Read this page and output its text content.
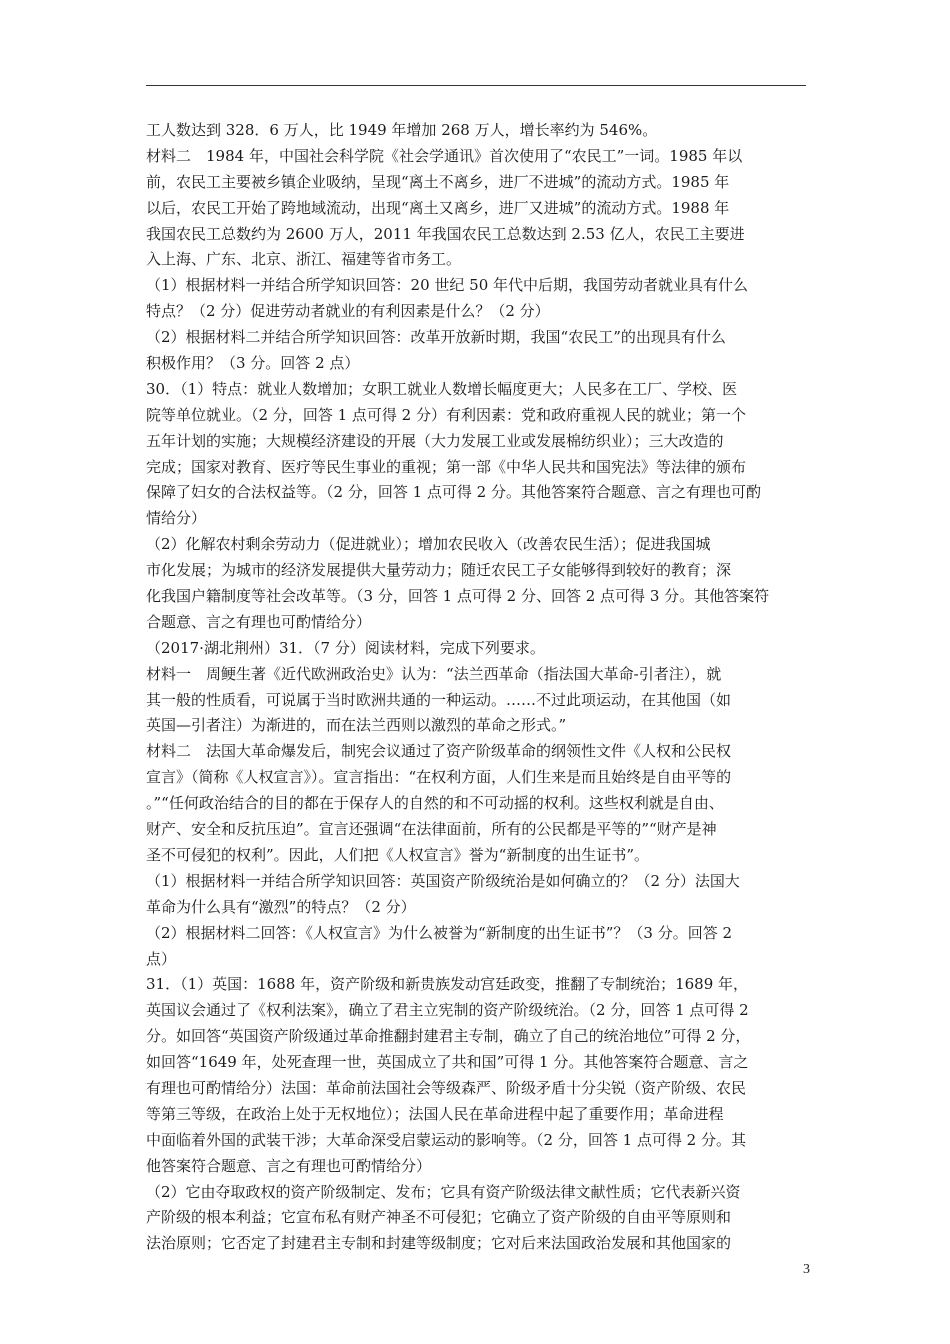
工人数达到 328．6 万人，比 1949 年增加 268 万人，增长率约为 546%。
材料二　1984 年，中国社会科学院《社会学通讯》首次使用了“农民工”一词。1985 年以
前，农民工主要被乡镇企业吸纳，呈现“离土不离乡，进厂不进城”的流动方式。1985 年
以后，农民工开始了跨地域流动，出现“离土又离乡，进厂又进城”的流动方式。1988 年
我国农民工总数约为 2600 万人，2011 年我国农民工总数达到 2.53 亿人，农民工主要进
入上海、广东、北京、浙江、福建等省市务工。
（1）根据材料一并结合所学知识回答：20 世纪 50 年代中后期，我国劳动者就业具有什么
特点？（2 分）促进劳动者就业的有利因素是什么？（2 分）
（2）根据材料二并结合所学知识回答：改革开放新时期，我国“农民工”的出现具有什么
积极作用？（3 分。回答 2 点）
30．（1）特点：就业人数增加；女职工就业人数增长幅度更大；人民多在工厂、学校、医
院等单位就业。（2 分，回答 1 点可得 2 分）有利因素：党和政府重视人民的就业；第一个
五年计划的实施；大规模经济建设的开展（大力发展工业或发展棉纺织业）；三大改造的
完成；国家对教育、医疗等民生事业的重视；第一部《中华人民共和国宪法》等法律的颁布
保障了妇女的合法权益等。（2 分，回答 1 点可得 2 分。其他答案符合题意、言之有理也可酌
情给分）
（2）化解农村剩余劳动力（促进就业）；增加农民收入（改善农民生活）；促进我国城
市化发展；为城市的经济发展提供大量劳动力；随迁农民工子女能够得到较好的教育；深
化我国户籍制度等社会改革等。（3 分，回答 1 点可得 2 分、回答 2 点可得 3 分。其他答案符
合题意、言之有理也可酌情给分）
（2017·湖北荆州）31．（7 分）阅读材料，完成下列要求。
材料一　周鲠生著《近代欧洲政治史》认为：“法兰西革命（指法国大革命-引者注），就
其一般的性质看，可说属于当时欧洲共通的一种运动。……不过此项运动，在其他国（如
英国—引者注）为渐进的，而在法兰西则以激烈的革命之形式。”
材料二　法国大革命爆发后，制宪会议通过了资产阶级革命的纲领性文件《人权和公民权
宣言》（简称《人权宣言》）。宣言指出：“在权利方面，人们生来是而且始终是自由平等的
。”“任何政治结合的目的都在于保存人的自然的和不可动摇的权利。这些权利就是自由、
财产、安全和反抗压迫”。宣言还强调“在法律面前，所有的公民都是平等的”“财产是神
圣不可侵犯的权利”。因此，人们把《人权宣言》誉为“新制度的出生证书”。
（1）根据材料一并结合所学知识回答：英国资产阶级统治是如何确立的？（2 分）法国大
革命为什么具有“激烈”的特点？（2 分）
（2）根据材料二回答：《人权宣言》为什么被誉为“新制度的出生证书”？（3 分。回答 2
点）
31．（1）英国：1688 年，资产阶级和新贵族发动宫廷政变，推翻了专制统治；1689 年，
英国议会通过了《权利法案》，确立了君主立宪制的资产阶级统治。（2 分，回答 1 点可得 2
分。如回答“英国资产阶级通过革命推翻封建君主专制，确立了自己的统治地位”可得 2 分，
如回答“1649 年，处死查理一世，英国成立了共和国”可得 1 分。其他答案符合题意、言之
有理也可酌情给分）法国：革命前法国社会等级森严、阶级矛盾十分尖锐（资产阶级、农民
等第三等级，在政治上处于无权地位）；法国人民在革命进程中起了重要作用；革命进程
中面临着外国的武装干涉；大革命深受启蒙运动的影响等。（2 分，回答 1 点可得 2 分。其
他答案符合题意、言之有理也可酌情给分）
（2）它由夺取政权的资产阶级制定、发布；它具有资产阶级法律文献性质；它代表新兴资
产阶级的根本利益；它宣布私有财产神圣不可侵犯；它确立了资产阶级的自由平等原则和
法治原则；它否定了封建君主专制和封建等级制度；它对后来法国政治发展和其他国家的
3
